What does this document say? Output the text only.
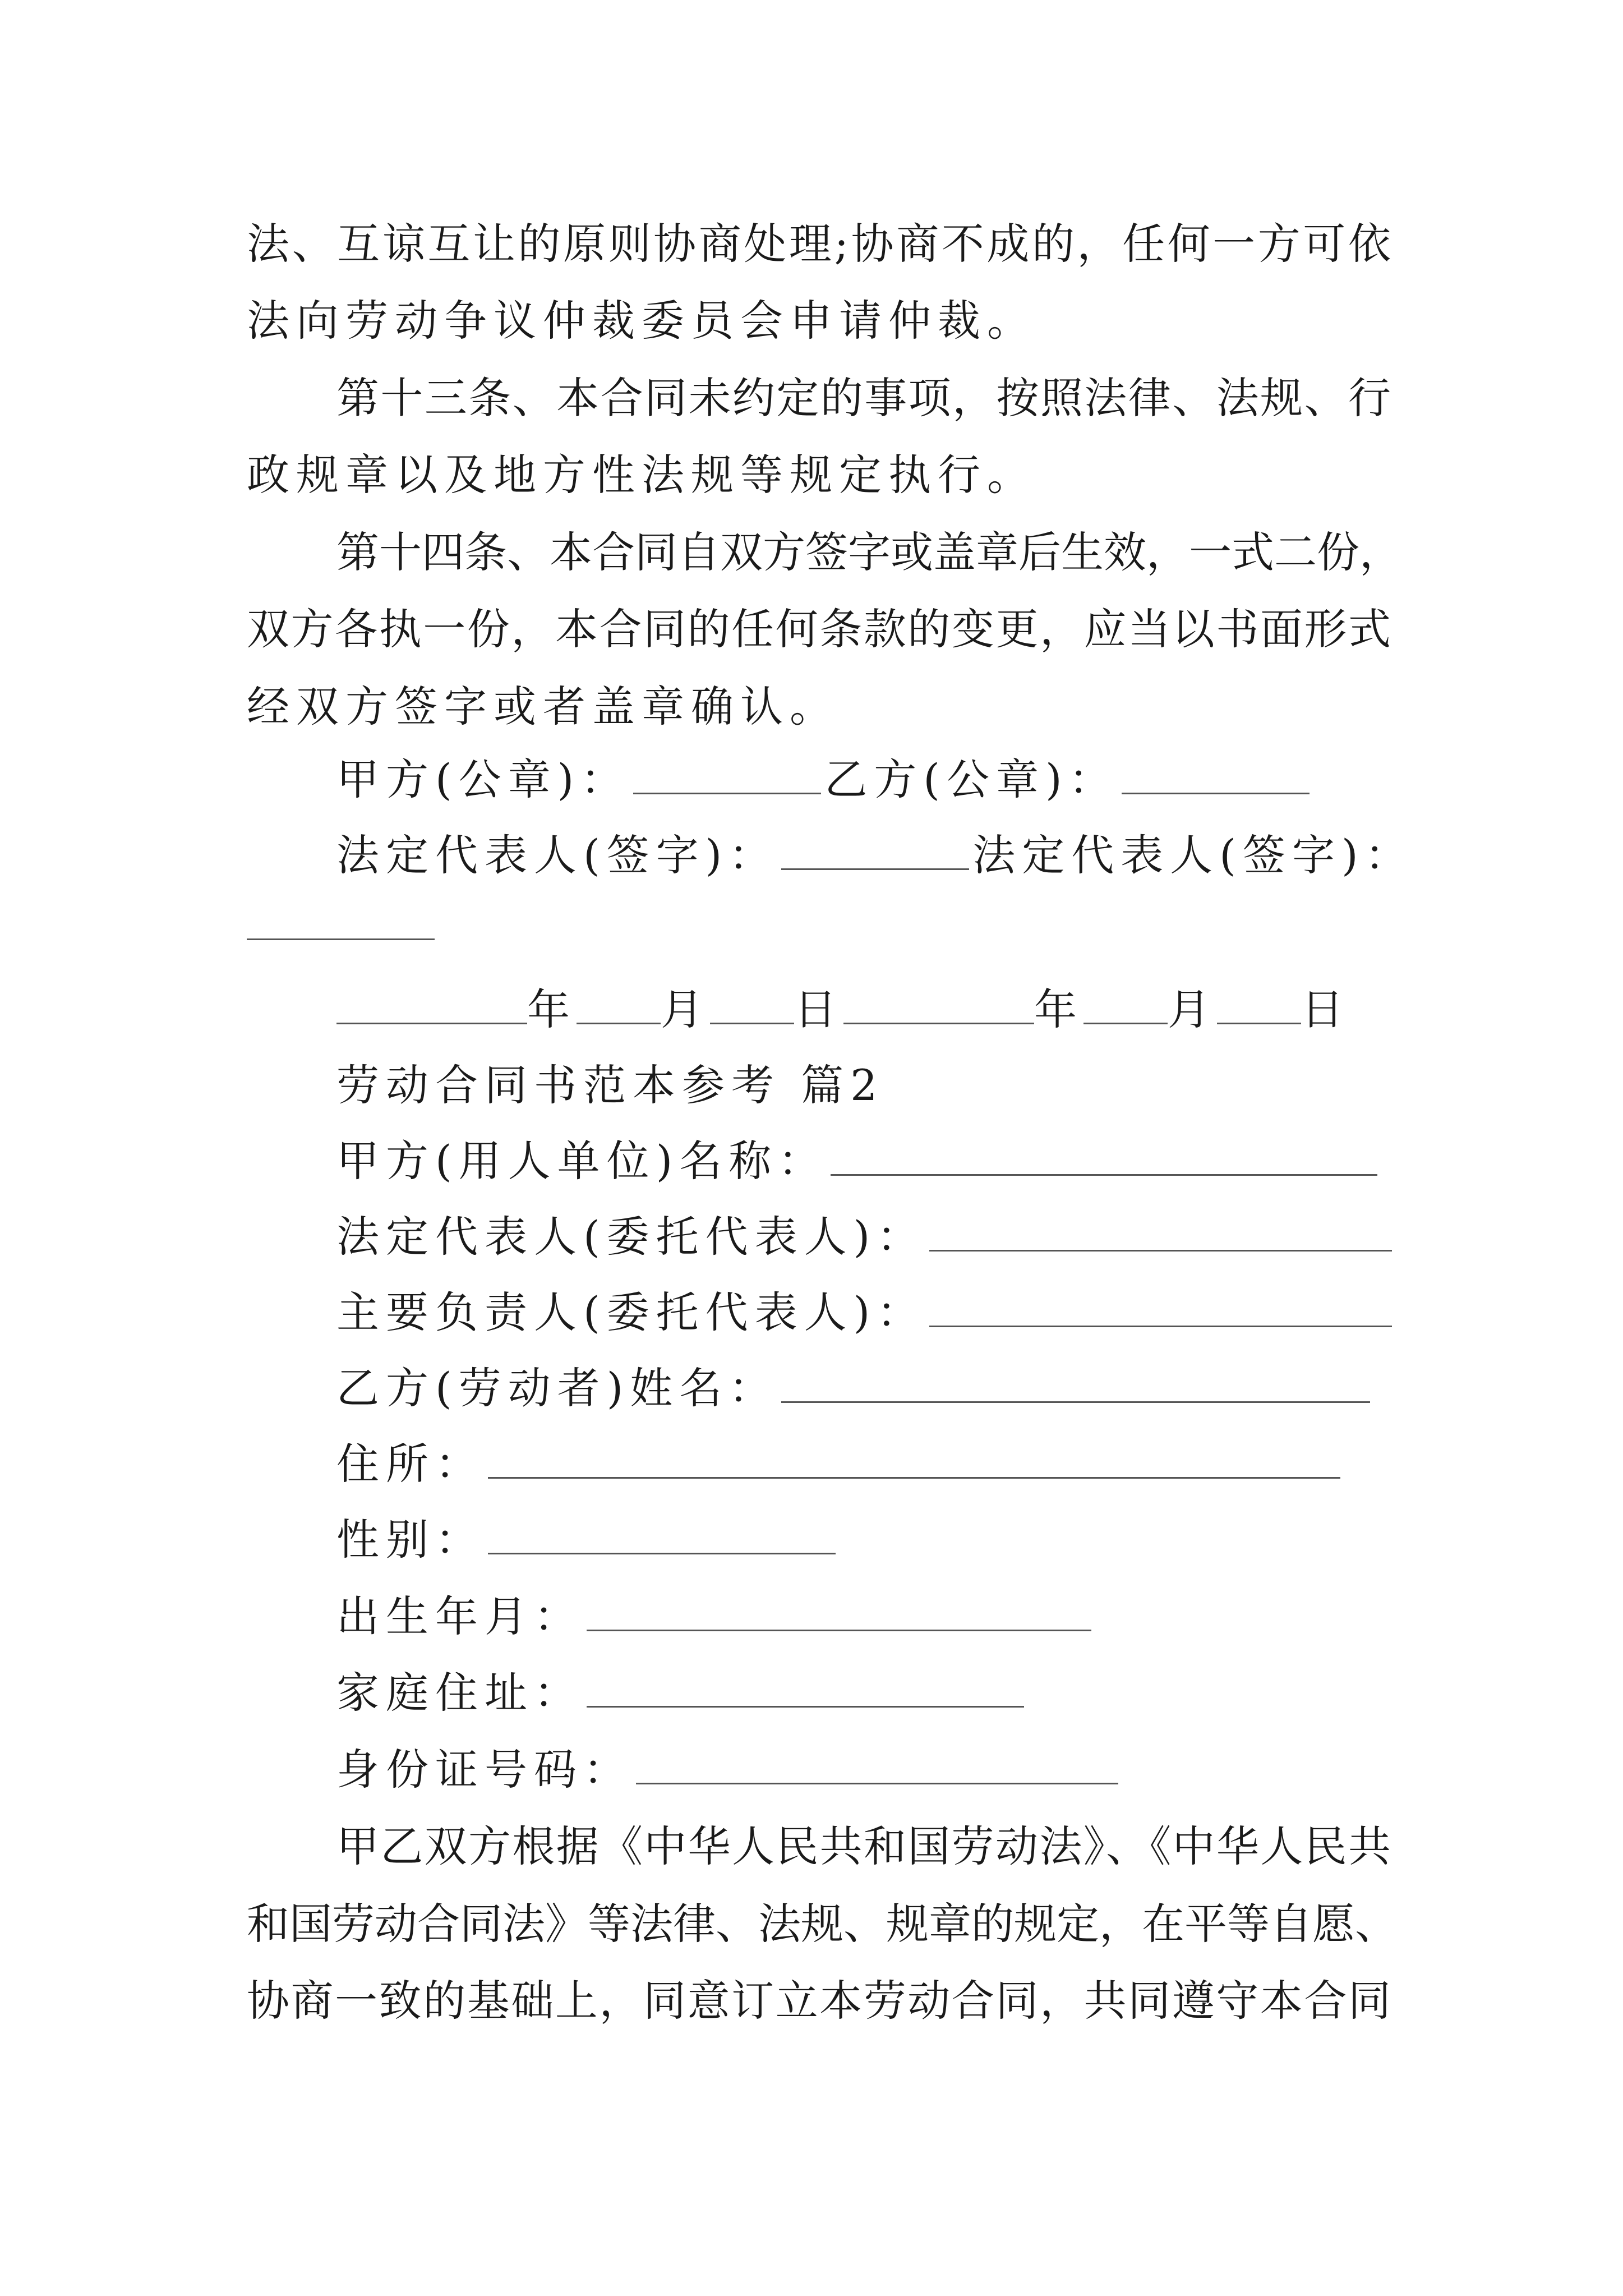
法、互谅互让的原则协商处理;协商不成的，任何一方可依
法向劳动争议仲裁委员会申请仲裁。
第十三条、本合同未约定的事项，按照法律、法规、行
政规章以及地方性法规等规定执行。
第十四条、本合同自双方签字或盖章后生效，一式二份，
双方各执一份，本合同的任何条款的变更，应当以书面形式
经双方签字或者盖章确认。
甲方(公章)：	乙方(公章)：
法定代表人(签字)：	法定代表人(签字)：
年 月 日	年 月 日
劳动合同书范本参考 篇2
甲方(用人单位)名称：
法定代表人(委托代表人)：
主要负责人(委托代表人)：
乙方(劳动者)姓名：
住所：
性别：
出生年月：
家庭住址：
身份证号码：
甲乙双方根据《中华人民共和国劳动法》、《中华人民共
和国劳动合同法》等法律、法规、规章的规定，在平等自愿、
协商一致的基础上，同意订立本劳动合同，共同遵守本合同
